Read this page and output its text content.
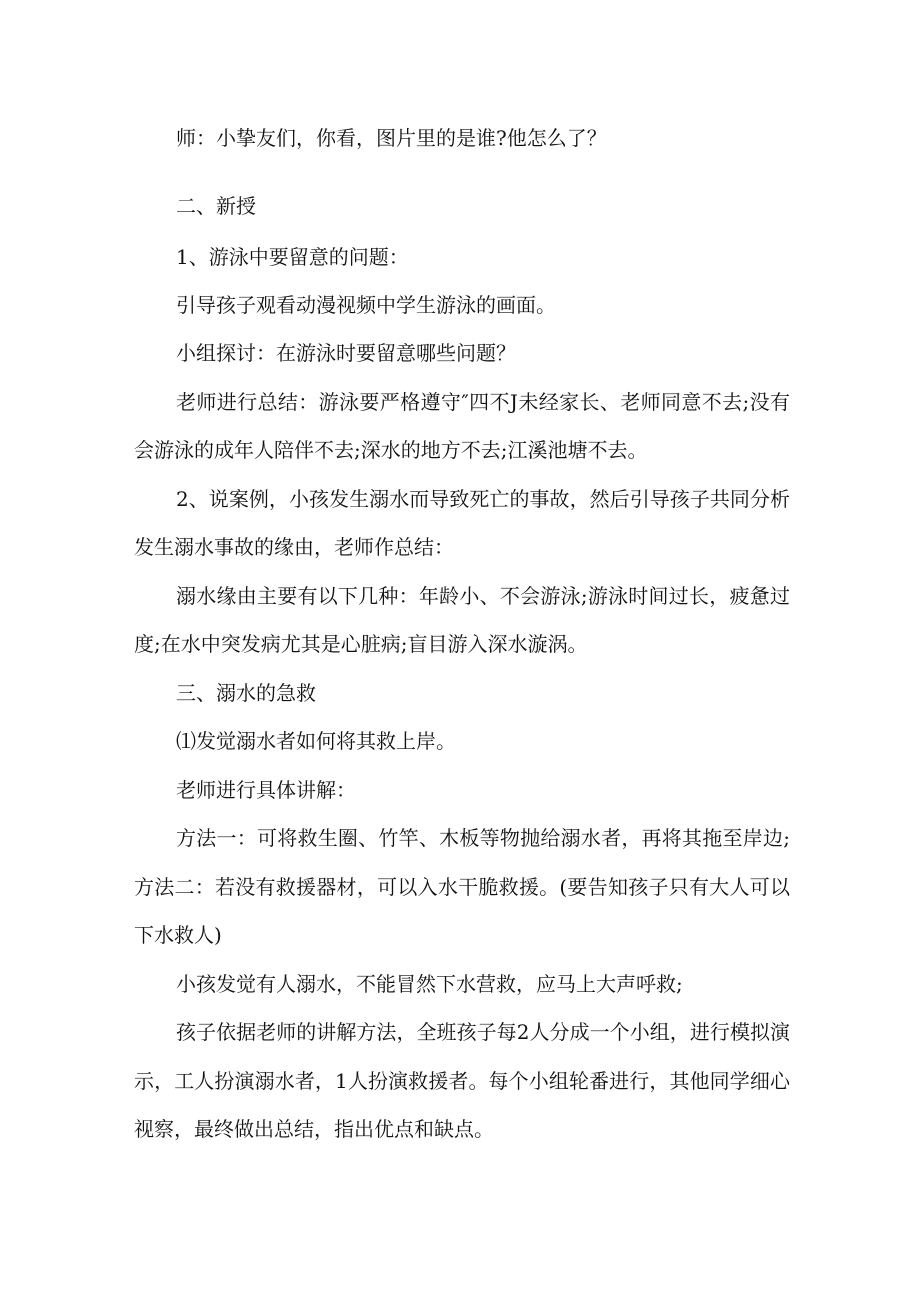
师：小挚友们，你看，图片里的是谁?他怎么了？
二、新授
1、游泳中要留意的问题：
引导孩子观看动漫视频中学生游泳的画面。
小组探讨：在游泳时要留意哪些问题？
老师进行总结：游泳要严格遵守″四不J未经家长、老师同意不去;没有
会游泳的成年人陪伴不去;深水的地方不去;江溪池塘不去。
2、说案例，小孩发生溺水而导致死亡的事故，然后引导孩子共同分析
发生溺水事故的缘由，老师作总结：
溺水缘由主要有以下几种：年龄小、不会游泳;游泳时间过长，疲惫过
度;在水中突发病尤其是心脏病;盲目游入深水漩涡。
三、溺水的急救
⑴发觉溺水者如何将其救上岸。
老师进行具体讲解：
方法一：可将救生圈、竹竿、木板等物抛给溺水者，再将其拖至岸边;
方法二：若没有救援器材，可以入水干脆救援。(要告知孩子只有大人可以
下水救人)
小孩发觉有人溺水，不能冒然下水营救，应马上大声呼救;
孩子依据老师的讲解方法，全班孩子每2人分成一个小组，进行模拟演
示，工人扮演溺水者，1人扮演救援者。每个小组轮番进行，其他同学细心
视察，最终做出总结，指出优点和缺点。
